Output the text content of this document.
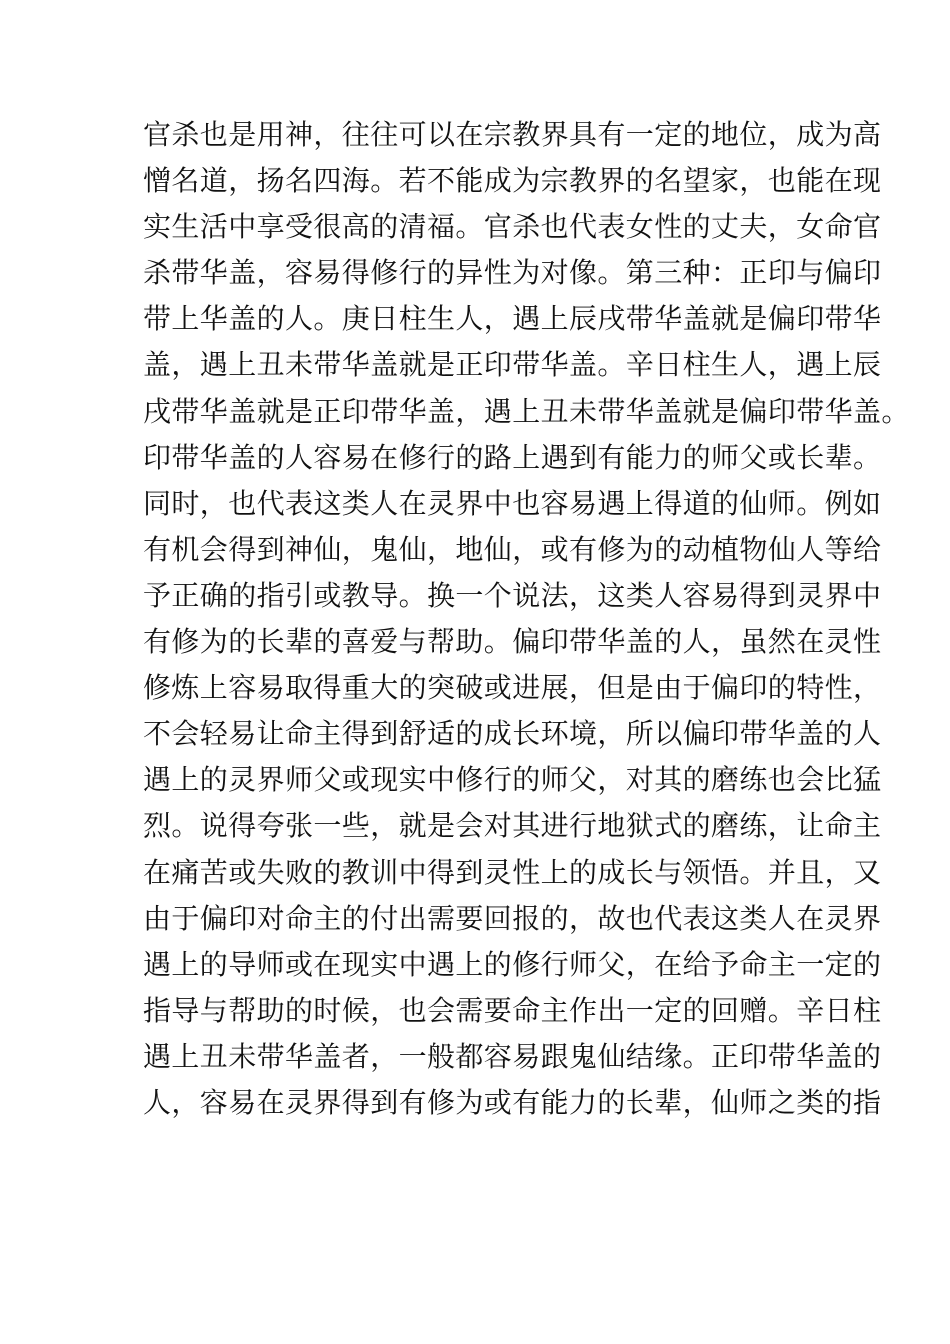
官杀也是用神，往往可以在宗教界具有一定的地位，成为高
憎名道，扬名四海。若不能成为宗教界的名望家，也能在现
实生活中享受很高的清福。官杀也代表女性的丈夫，女命官
杀带华盖，容易得修行的异性为对像。第三种：正印与偏印
带上华盖的人。庚日柱生人，遇上辰戌带华盖就是偏印带华
盖，遇上丑未带华盖就是正印带华盖。辛日柱生人，遇上辰
戌带华盖就是正印带华盖，遇上丑未带华盖就是偏印带华盖。
印带华盖的人容易在修行的路上遇到有能力的师父或长辈。
同时，也代表这类人在灵界中也容易遇上得道的仙师。例如
有机会得到神仙，鬼仙，地仙，或有修为的动植物仙人等给
予正确的指引或教导。换一个说法，这类人容易得到灵界中
有修为的长辈的喜爱与帮助。偏印带华盖的人，虽然在灵性
修炼上容易取得重大的突破或进展，但是由于偏印的特性，
不会轻易让命主得到舒适的成长环境，所以偏印带华盖的人
遇上的灵界师父或现实中修行的师父，对其的磨练也会比猛
烈。说得夸张一些，就是会对其进行地狱式的磨练，让命主
在痛苦或失败的教训中得到灵性上的成长与领悟。并且，又
由于偏印对命主的付出需要回报的，故也代表这类人在灵界
遇上的导师或在现实中遇上的修行师父，在给予命主一定的
指导与帮助的时候，也会需要命主作出一定的回赠。辛日柱
遇上丑未带华盖者，一般都容易跟鬼仙结缘。正印带华盖的
人，容易在灵界得到有修为或有能力的长辈，仙师之类的指
